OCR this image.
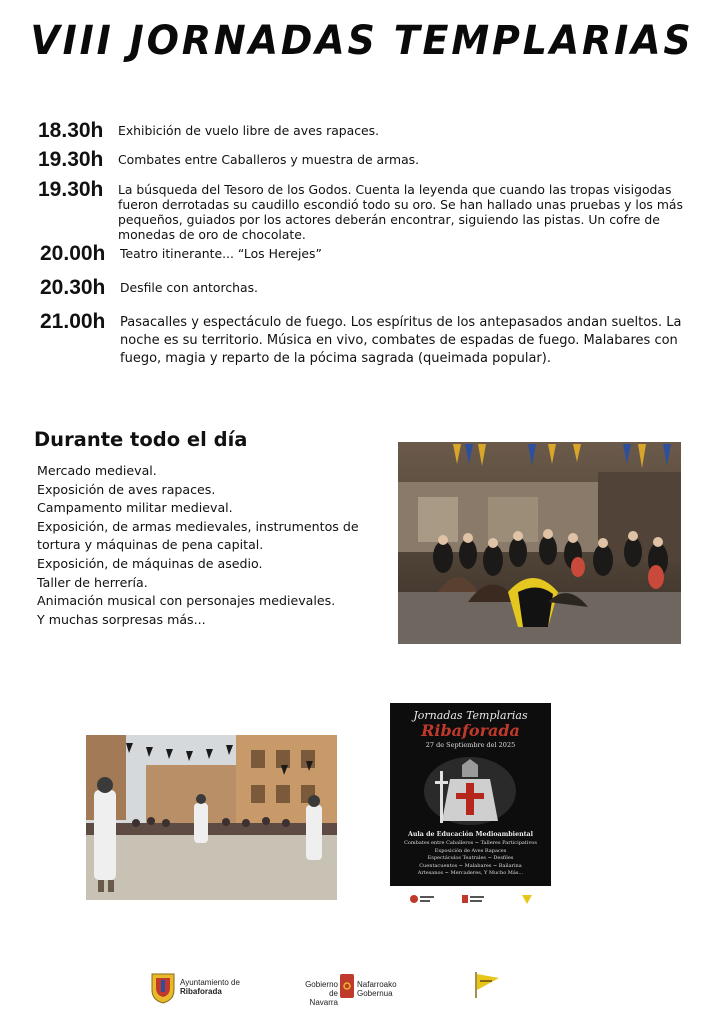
VIII JORNADAS TEMPLARIAS
18.30h	Exhibición de vuelo libre de aves rapaces.
19.30h	Combates entre Caballeros y muestra de armas.
19.30h	La búsqueda del Tesoro de los Godos. Cuenta la leyenda que cuando las tropas visigodas fueron derrotadas su caudillo escondió todo su oro. Se han hallado unas pruebas y los más pequeños, guiados por los actores deberán encontrar, siguiendo las pistas. Un cofre de monedas de oro de chocolate.
20.00h	Teatro itinerante... “Los Herejes”
20.30h	Desfile con antorchas.
21.00h	Pasacalles y espectáculo de fuego. Los espíritus de los antepasados andan sueltos. La noche es su territorio. Música en vivo, combates de espadas de fuego. Malabares con fuego, magia y reparto de la pócima sagrada (queimada popular).
Durante todo el día
Mercado medieval.
Exposición de aves rapaces.
Campamento militar medieval.
Exposición, de armas medievales, instrumentos de tortura y máquinas de pena capital.
Exposición, de máquinas de asedio.
Taller de herrería.
Animación musical con personajes medievales.
Y muchas sorpresas más...
Jornadas Templarias
Ribaforada
27 de Septiembre del 2025
Aula de Educación Medioambiental
Combates entre Caballeros ~ Talleres Participativos
Exposición de Aves Rapaces
Espectáculos Teatrales ~ Desfiles
Cuentacuentos ~ Malabares ~ Bailarina
Artesanos ~ Mercaderes, Y Mucho Más...
Ayuntamiento de
Ribaforada
Gobierno
de Navarra
Nafarroako
Gobernua
